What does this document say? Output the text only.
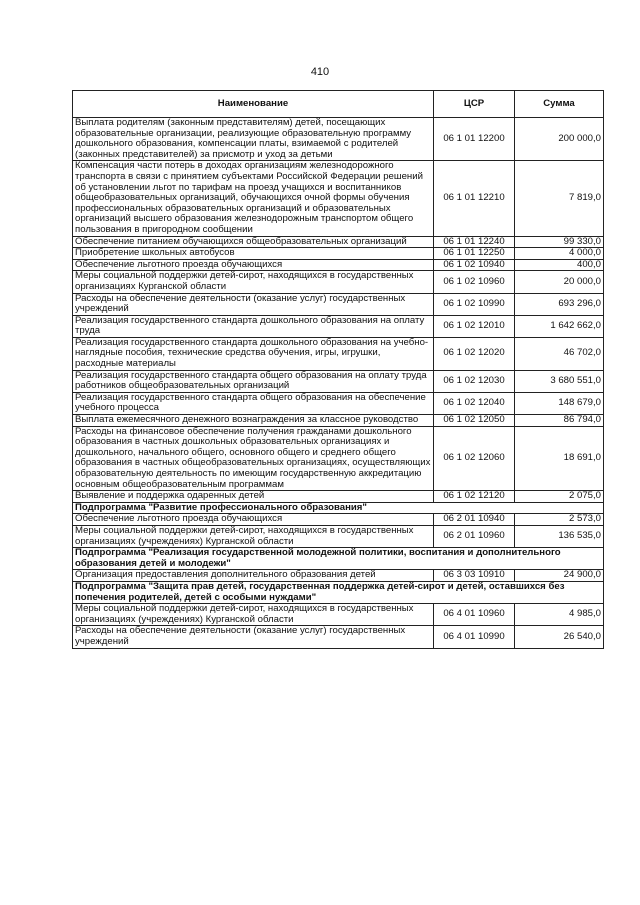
410
Наименование	ЦСР	Сумма
Выплата родителям (законным представителям) детей, посещающих образовательные организации, реализующие образовательную программу дошкольного образования, компенсации платы, взимаемой с родителей (законных представителей) за присмотр и уход за детьми	06 1 01 12200	200 000,0
Компенсация части потерь в доходах организациям железнодорожного транспорта в связи с принятием субъектами Российской Федерации решений об установлении льгот по тарифам на проезд учащихся и воспитанников общеобразовательных организаций, обучающихся очной формы обучения профессиональных образовательных организаций и образовательных организаций высшего образования железнодорожным транспортом общего пользования в пригородном сообщении	06 1 01 12210	7 819,0
Обеспечение питанием обучающихся общеобразовательных организаций	06 1 01 12240	99 330,0
Приобретение школьных автобусов	06 1 01 12250	4 000,0
Обеспечение льготного проезда обучающихся	06 1 02 10940	400,0
Меры социальной поддержки детей-сирот, находящихся в государственных организациях Курганской области	06 1 02 10960	20 000,0
Расходы на обеспечение деятельности (оказание услуг) государственных учреждений	06 1 02 10990	693 296,0
Реализация государственного стандарта дошкольного образования на оплату труда	06 1 02 12010	1 642 662,0
Реализация государственного стандарта дошкольного образования на учебно-наглядные пособия, технические средства обучения, игры, игрушки, расходные материалы	06 1 02 12020	46 702,0
Реализация государственного стандарта общего образования на оплату труда работников общеобразовательных организаций	06 1 02 12030	3 680 551,0
Реализация государственного стандарта общего образования на обеспечение учебного процесса	06 1 02 12040	148 679,0
Выплата ежемесячного денежного вознаграждения за классное руководство	06 1 02 12050	86 794,0
Расходы на финансовое обеспечение получения гражданами дошкольного образования в частных дошкольных образовательных организациях и дошкольного, начального общего, основного общего и среднего общего образования в частных общеобразовательных организациях, осуществляющих образовательную деятельность по имеющим государственную аккредитацию основным общеобразовательным программам	06 1 02 12060	18 691,0
Выявление и поддержка одаренных детей	06 1 02 12120	2 075,0
Подпрограмма "Развитие профессионального образования"		
Обеспечение льготного проезда обучающихся	06 2 01 10940	2 573,0
Меры социальной поддержки детей-сирот, находящихся в государственных организациях (учреждениях) Курганской области	06 2 01 10960	136 535,0
Подпрограмма "Реализация государственной молодежной политики, воспитания и дополнительного образования детей и молодежи"		
Организация предоставления дополнительного образования детей	06 3 03 10910	24 900,0
Подпрограмма "Защита прав детей, государственная поддержка детей-сирот и детей, оставшихся без попечения родителей, детей с особыми нуждами"		
Меры социальной поддержки детей-сирот, находящихся в государственных организациях (учреждениях) Курганской области	06 4 01 10960	4 985,0
Расходы на обеспечение деятельности (оказание услуг) государственных учреждений	06 4 01 10990	26 540,0
